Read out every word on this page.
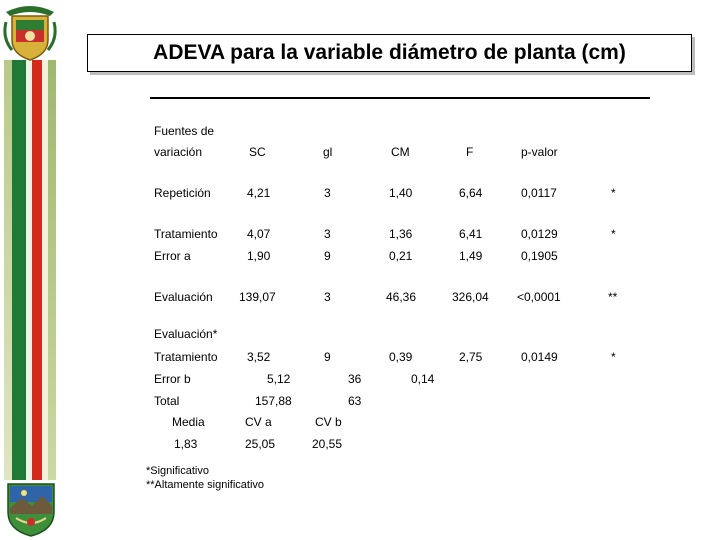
ADEVA para la variable diámetro de planta (cm)
Fuentes de
variación	SC	gl	CM	F	p-valor
Repetición	4,21	3	1,40	6,64	0,0117	*
Tratamiento 4,07	3	1,36	6,41	0,0129	*
Error a	1,90	9	0,21	1,49	0,1905
Evaluación 139,07	3	46,36	326,04 <0,0001	**
Evaluación*
Tratamiento 3,52	9	0,39	2,75	0,0149	*
Error b	5,12	36	0,14
Total	157,88	63
Media	CV a	CV b
1,83	25,05	20,55
*Significativo
**Altamente significativo
